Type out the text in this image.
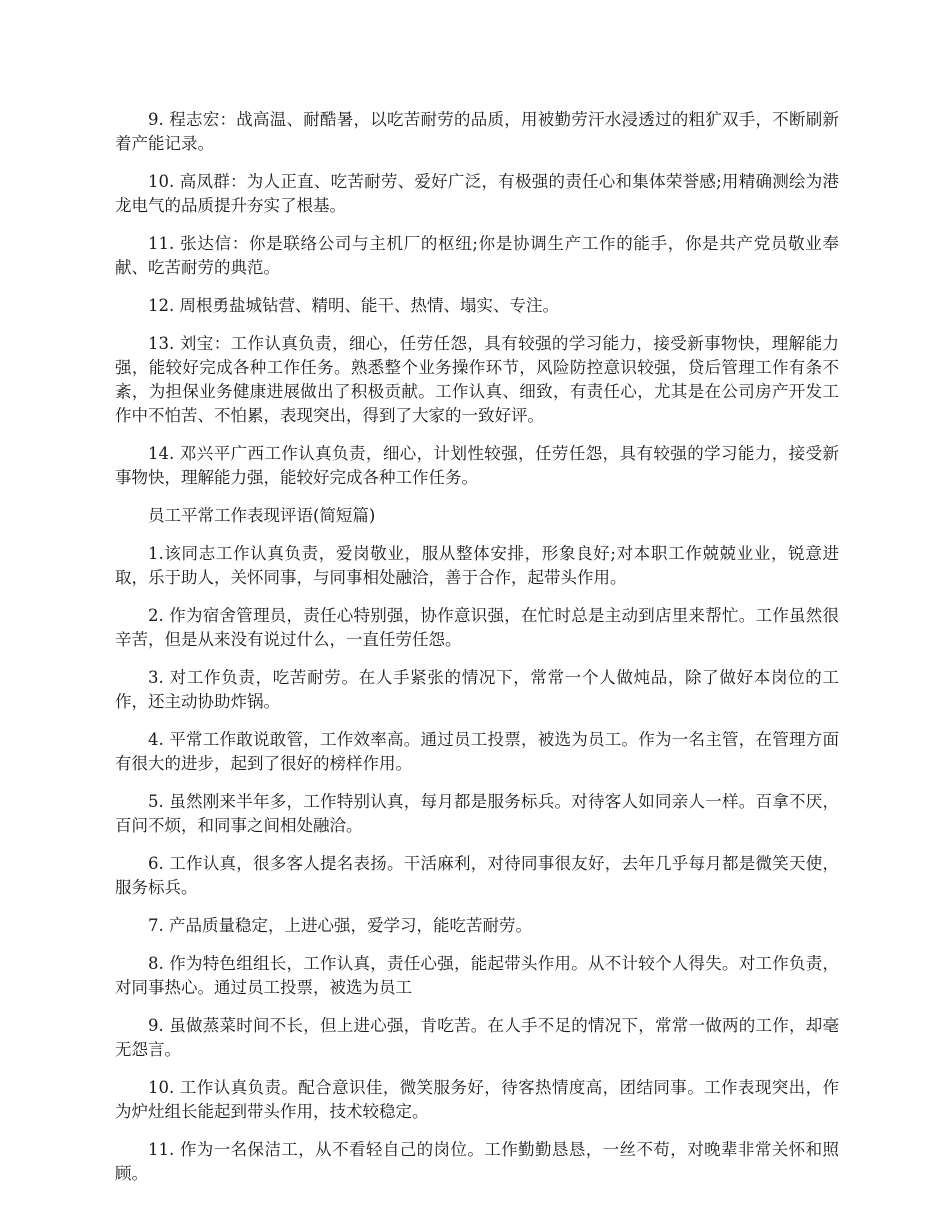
9. 程志宏：战高温、耐酷暑，以吃苦耐劳的品质，用被勤劳汗水浸透过的粗犷双手，不断刷新着产能记录。

10. 高凤群：为人正直、吃苦耐劳、爱好广泛，有极强的责任心和集体荣誉感;用精确测绘为港龙电气的品质提升夯实了根基。

11. 张达信：你是联络公司与主机厂的枢纽;你是协调生产工作的能手，你是共产党员敬业奉献、吃苦耐劳的典范。

12. 周根勇盐城钻营、精明、能干、热情、塌实、专注。

13. 刘宝：工作认真负责，细心，任劳任怨，具有较强的学习能力，接受新事物快，理解能力强，能较好完成各种工作任务。熟悉整个业务操作环节，风险防控意识较强，贷后管理工作有条不紊，为担保业务健康进展做出了积极贡献。工作认真、细致，有责任心，尤其是在公司房产开发工作中不怕苦、不怕累，表现突出，得到了大家的一致好评。

14. 邓兴平广西工作认真负责，细心，计划性较强，任劳任怨，具有较强的学习能力，接受新事物快，理解能力强，能较好完成各种工作任务。

员工平常工作表现评语(简短篇)

1.该同志工作认真负责，爱岗敬业，服从整体安排，形象良好;对本职工作兢兢业业，锐意进取，乐于助人，关怀同事，与同事相处融洽，善于合作，起带头作用。

2. 作为宿舍管理员，责任心特别强，协作意识强，在忙时总是主动到店里来帮忙。工作虽然很辛苦，但是从来没有说过什么，一直任劳任怨。

3. 对工作负责，吃苦耐劳。在人手紧张的情况下，常常一个人做炖品，除了做好本岗位的工作，还主动协助炸锅。

4. 平常工作敢说敢管，工作效率高。通过员工投票，被选为员工。作为一名主管，在管理方面有很大的进步，起到了很好的榜样作用。

5. 虽然刚来半年多，工作特别认真，每月都是服务标兵。对待客人如同亲人一样。百拿不厌，百问不烦，和同事之间相处融洽。

6. 工作认真，很多客人提名表扬。干活麻利，对待同事很友好，去年几乎每月都是微笑天使，服务标兵。

7. 产品质量稳定，上进心强，爱学习，能吃苦耐劳。

8. 作为特色组组长，工作认真，责任心强，能起带头作用。从不计较个人得失。对工作负责，对同事热心。通过员工投票，被选为员工

9. 虽做蒸菜时间不长，但上进心强，肯吃苦。在人手不足的情况下，常常一做两的工作，却毫无怨言。

10. 工作认真负责。配合意识佳，微笑服务好，待客热情度高，团结同事。工作表现突出，作为炉灶组长能起到带头作用，技术较稳定。

11. 作为一名保洁工，从不看轻自己的岗位。工作勤勤恳恳，一丝不苟，对晚辈非常关怀和照顾。
